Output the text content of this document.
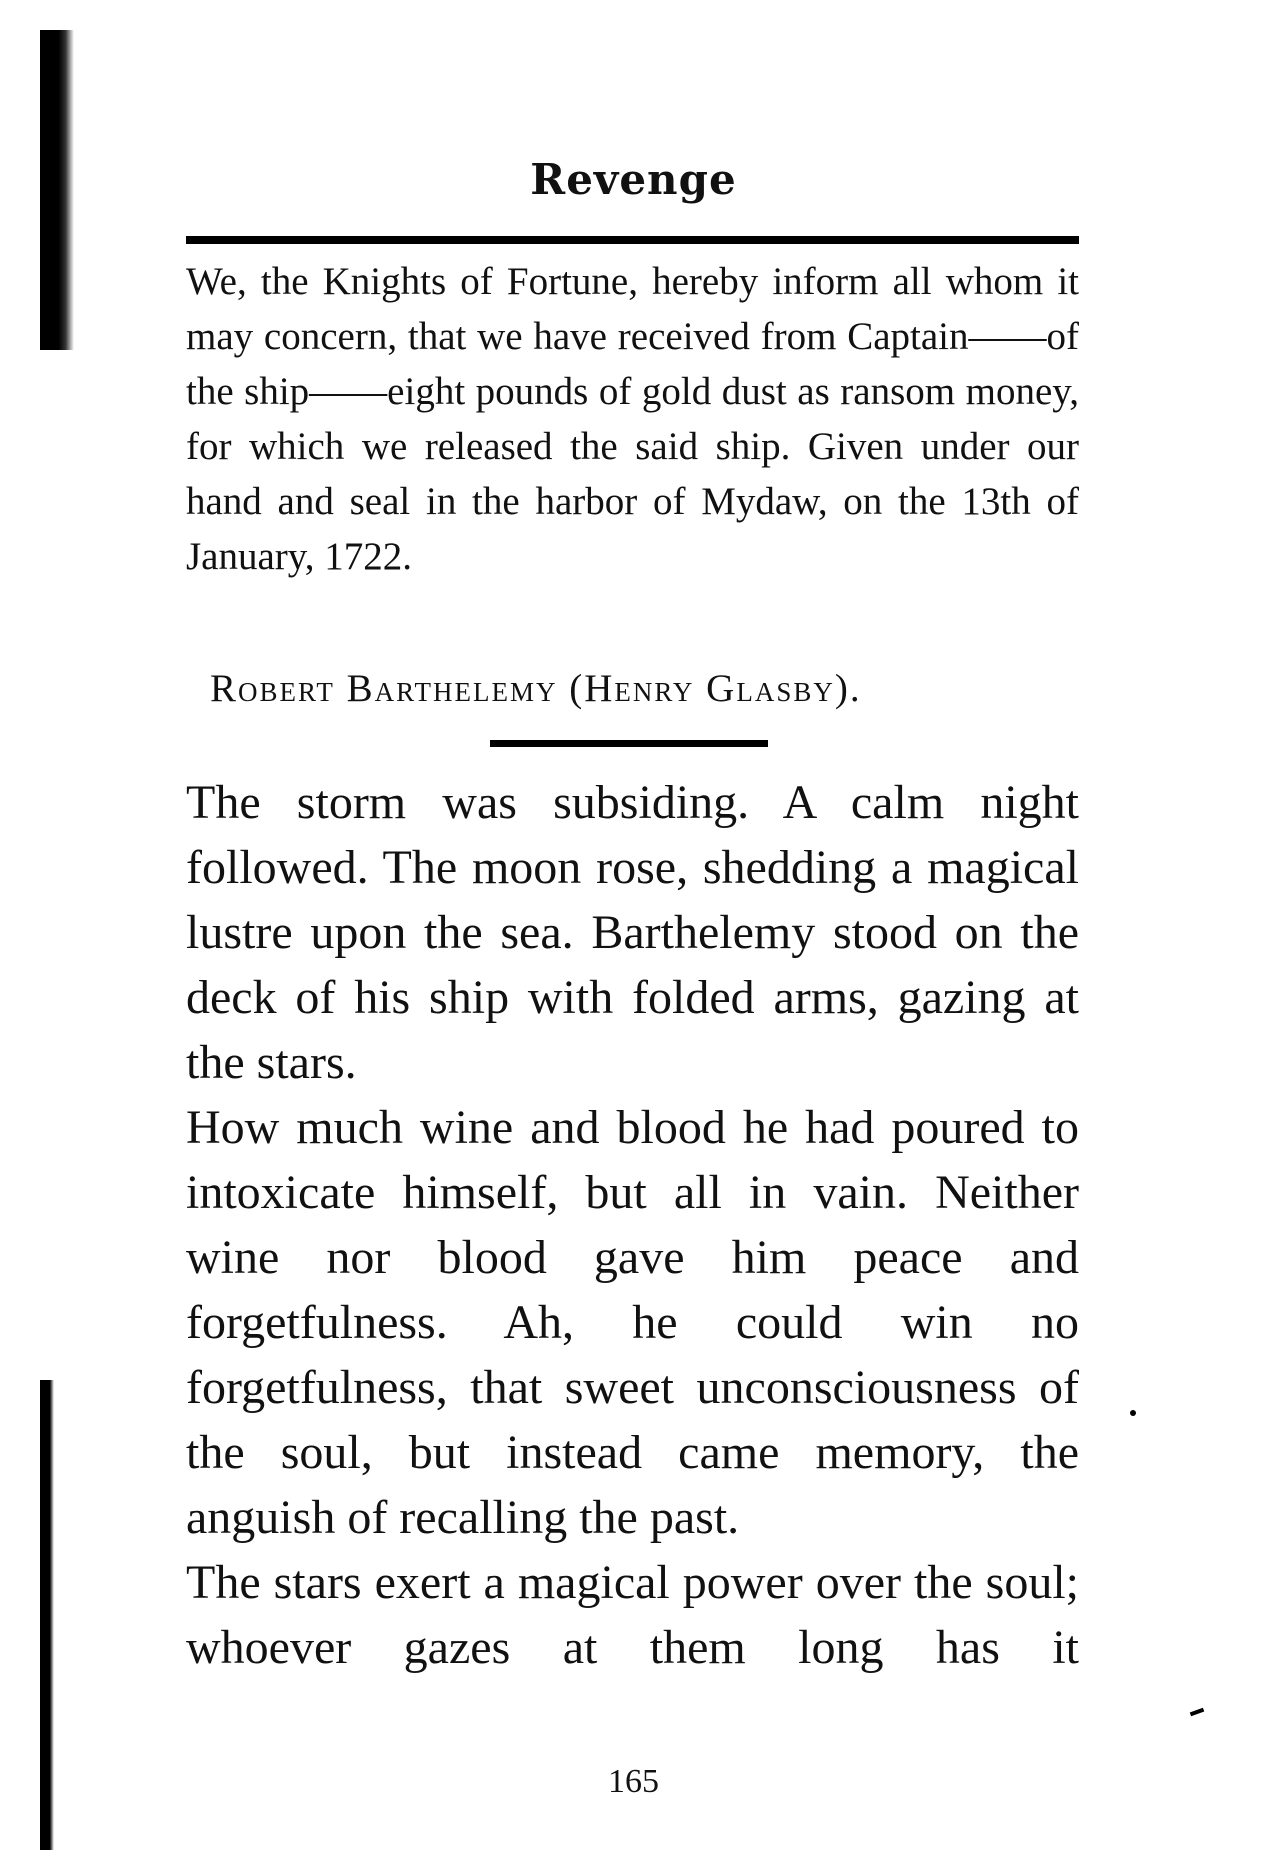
Revenge

We, the Knights of Fortune, hereby inform all whom it may concern, that we have received from Captain——of the ship——eight pounds of gold dust as ransom money, for which we released the said ship. Given under our hand and seal in the harbor of Mydaw, on the 13th of January, 1722.

Robert Barthelemy (Henry Glasby).

The storm was subsiding. A calm night followed. The moon rose, shedding a magical lustre upon the sea. Barthelemy stood on the deck of his ship with folded arms, gazing at the stars.

How much wine and blood he had poured to intoxicate himself, but all in vain. Neither wine nor blood gave him peace and forgetfulness. Ah, he could win no forgetfulness, that sweet unconsciousness of the soul, but instead came memory, the anguish of recalling the past.

The stars exert a magical power over the soul; whoever gazes at them long has it

165
